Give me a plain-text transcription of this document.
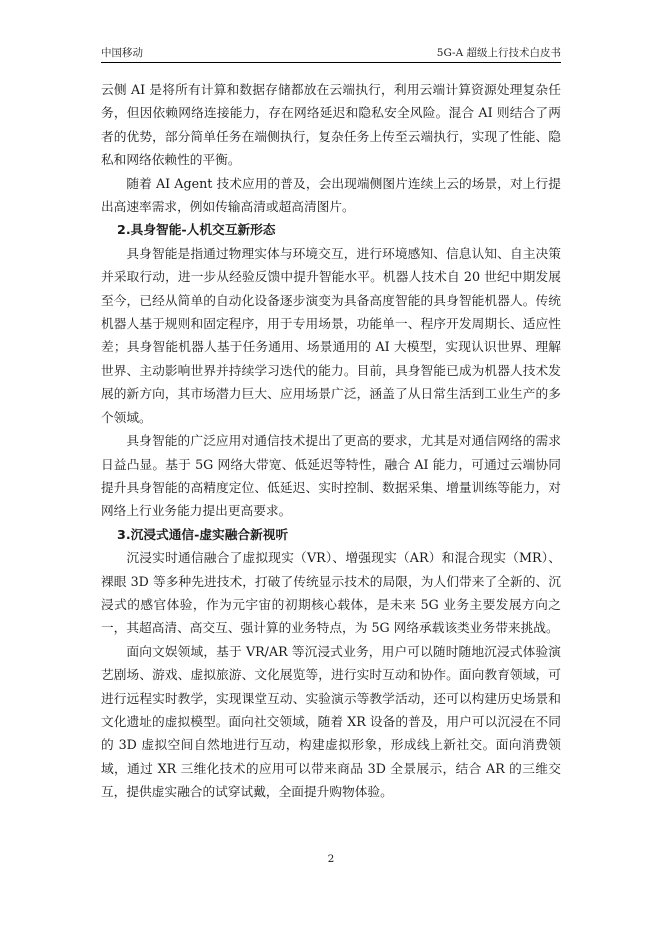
中国移动	5G-A 超级上行技术白皮书

云侧 AI 是将所有计算和数据存储都放在云端执行，利用云端计算资源处理复杂任务，但因依赖网络连接能力，存在网络延迟和隐私安全风险。混合 AI 则结合了两者的优势，部分简单任务在端侧执行，复杂任务上传至云端执行，实现了性能、隐私和网络依赖性的平衡。

随着 AI Agent 技术应用的普及，会出现端侧图片连续上云的场景，对上行提出高速率需求，例如传输高清或超高清图片。

2.具身智能-人机交互新形态

具身智能是指通过物理实体与环境交互，进行环境感知、信息认知、自主决策并采取行动，进一步从经验反馈中提升智能水平。机器人技术自 20 世纪中期发展至今，已经从简单的自动化设备逐步演变为具备高度智能的具身智能机器人。传统机器人基于规则和固定程序，用于专用场景，功能单一、程序开发周期长、适应性差；具身智能机器人基于任务通用、场景通用的 AI 大模型，实现认识世界、理解世界、主动影响世界并持续学习迭代的能力。目前，具身智能已成为机器人技术发展的新方向，其市场潜力巨大、应用场景广泛，涵盖了从日常生活到工业生产的多个领域。

具身智能的广泛应用对通信技术提出了更高的要求，尤其是对通信网络的需求日益凸显。基于 5G 网络大带宽、低延迟等特性，融合 AI 能力，可通过云端协同提升具身智能的高精度定位、低延迟、实时控制、数据采集、增量训练等能力，对网络上行业务能力提出更高要求。

3.沉浸式通信-虚实融合新视听

沉浸实时通信融合了虚拟现实（VR）、增强现实（AR）和混合现实（MR）、裸眼 3D 等多种先进技术，打破了传统显示技术的局限，为人们带来了全新的、沉浸式的感官体验，作为元宇宙的初期核心载体，是未来 5G 业务主要发展方向之一，其超高清、高交互、强计算的业务特点，为 5G 网络承载该类业务带来挑战。

面向文娱领域，基于 VR/AR 等沉浸式业务，用户可以随时随地沉浸式体验演艺剧场、游戏、虚拟旅游、文化展览等，进行实时互动和协作。面向教育领域，可进行远程实时教学，实现课堂互动、实验演示等教学活动，还可以构建历史场景和文化遗址的虚拟模型。面向社交领域，随着 XR 设备的普及，用户可以沉浸在不同的 3D 虚拟空间自然地进行互动，构建虚拟形象，形成线上新社交。面向消费领域，通过 XR 三维化技术的应用可以带来商品 3D 全景展示，结合 AR 的三维交互，提供虚实融合的试穿试戴，全面提升购物体验。

2
